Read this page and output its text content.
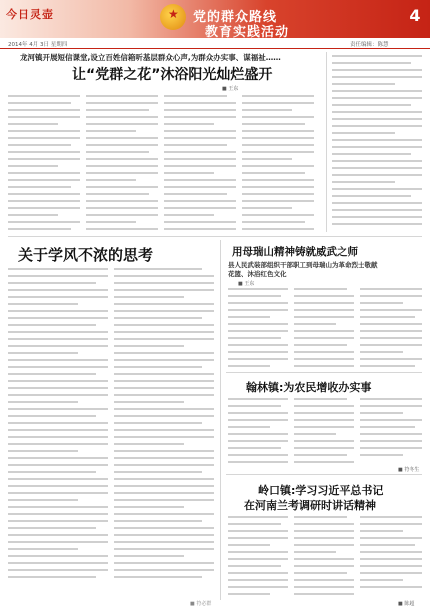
今日灵壶	★ 党的群众路线
教育实践活动
4
2014年 4月 3日 星期四	责任编辑：陈慧
龙河镇开展短信课堂,设立百姓信箱听基层群众心声,为群众办实事、谋福祉……
让“党群之花”沐浴阳光灿烂盛开
■ 王东
关于学风不浓的思考	用母瑞山精神铸就威武之师
县人民武装部组织干部职工到母瑞山为革命烈士敬献
花篮、沐浴红色文化
■ 王东
翰林镇:为农民增收办实事
■ 符冬生
岭口镇:学习习近平总书记
在河南兰考调研时讲话精神
■ 符必群	■ 陈超
